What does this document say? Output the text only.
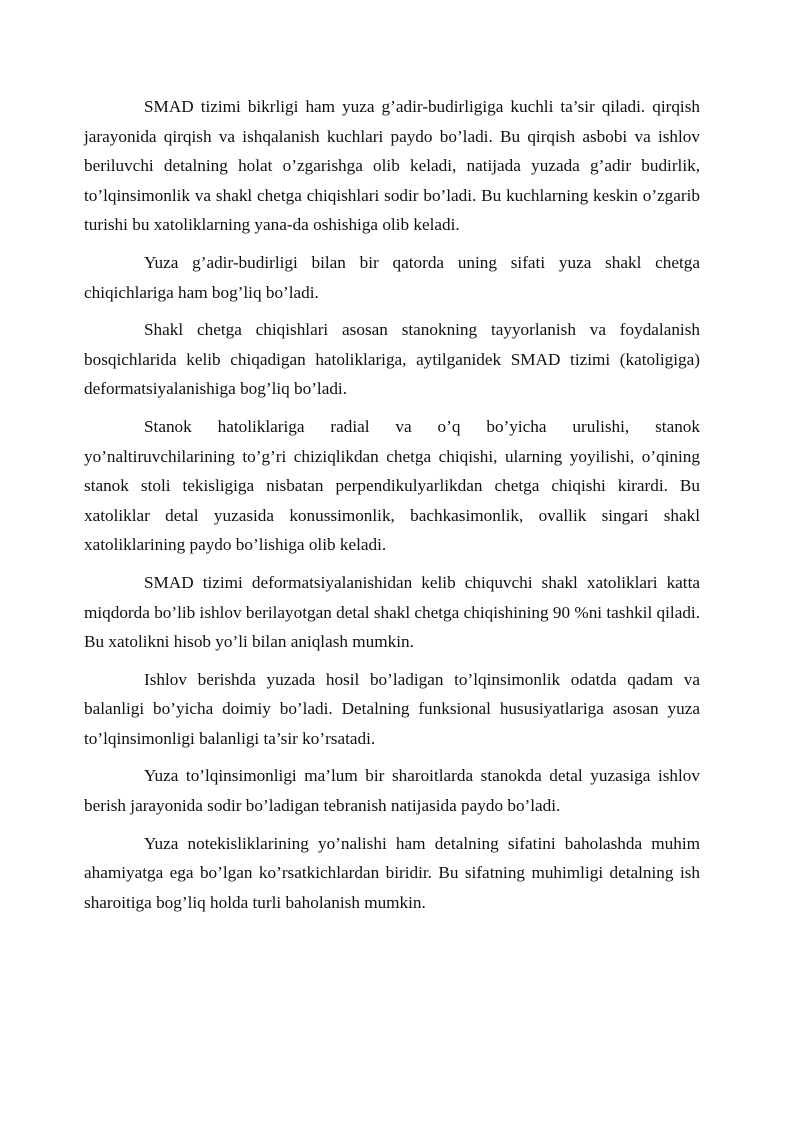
SMAD tizimi bikrligi ham yuza g’adir-budirligiga kuchli ta’sir qiladi. qirqish jarayonida qirqish va ishqalanish kuchlari paydo bo’ladi. Bu qirqish asbobi va ishlov beriluvchi detalning holat o’zgarishga olib keladi, natijada yuzada g’adir budirlik, to’lqinsimonlik va shakl chetga chiqishlari sodir bo’ladi. Bu kuchlarning keskin o’zgarib turishi bu xatoliklarning yana-da oshishiga olib keladi.

Yuza g’adir-budirligi bilan bir qatorda uning sifati yuza shakl chetga chiqichlariga ham bog’liq bo’ladi.

Shakl chetga chiqishlari asosan stanokning tayyorlanish va foydalanish bosqichlarida kelib chiqadigan hatoliklariga, aytilganidek SMAD tizimi (katoligiga) deformatsiyalanishiga bog’liq bo’ladi.

Stanok hatoliklariga radial va o’q bo’yicha urulishi, stanok yo’naltiruvchilarining to’g’ri chiziqlikdan chetga chiqishi, ularning yoyilishi, o’qining stanok stoli tekisligiga nisbatan perpendikulyarlikdan chetga chiqishi kirardi. Bu xatoliklar detal yuzasida konussimonlik, bachkasimonlik, ovallik singari shakl xatoliklarining paydo bo’lishiga olib keladi.

SMAD tizimi deformatsiyalanishidan kelib chiquvchi shakl xatoliklari katta miqdorda bo’lib ishlov berilayotgan detal shakl chetga chiqishining 90 %ni tashkil qiladi. Bu xatolikni hisob yo’li bilan aniqlash mumkin.

Ishlov berishda yuzada hosil bo’ladigan to’lqinsimonlik odatda qadam va balanligi bo’yicha doimiy bo’ladi. Detalning funksional hususiyatlariga asosan yuza to’lqinsimonligi balanligi ta’sir ko’rsatadi.

Yuza to’lqinsimonligi ma’lum bir sharoitlarda stanokda detal yuzasiga ishlov berish jarayonida sodir bo’ladigan tebranish natijasida paydo bo’ladi.

Yuza notekisliklarining yo’nalishi ham detalning sifatini baholashda muhim ahamiyatga ega bo’lgan ko’rsatkichlardan biridir. Bu sifatning muhimligi detalning ish sharoitiga bog’liq holda turli baholanish mumkin.
